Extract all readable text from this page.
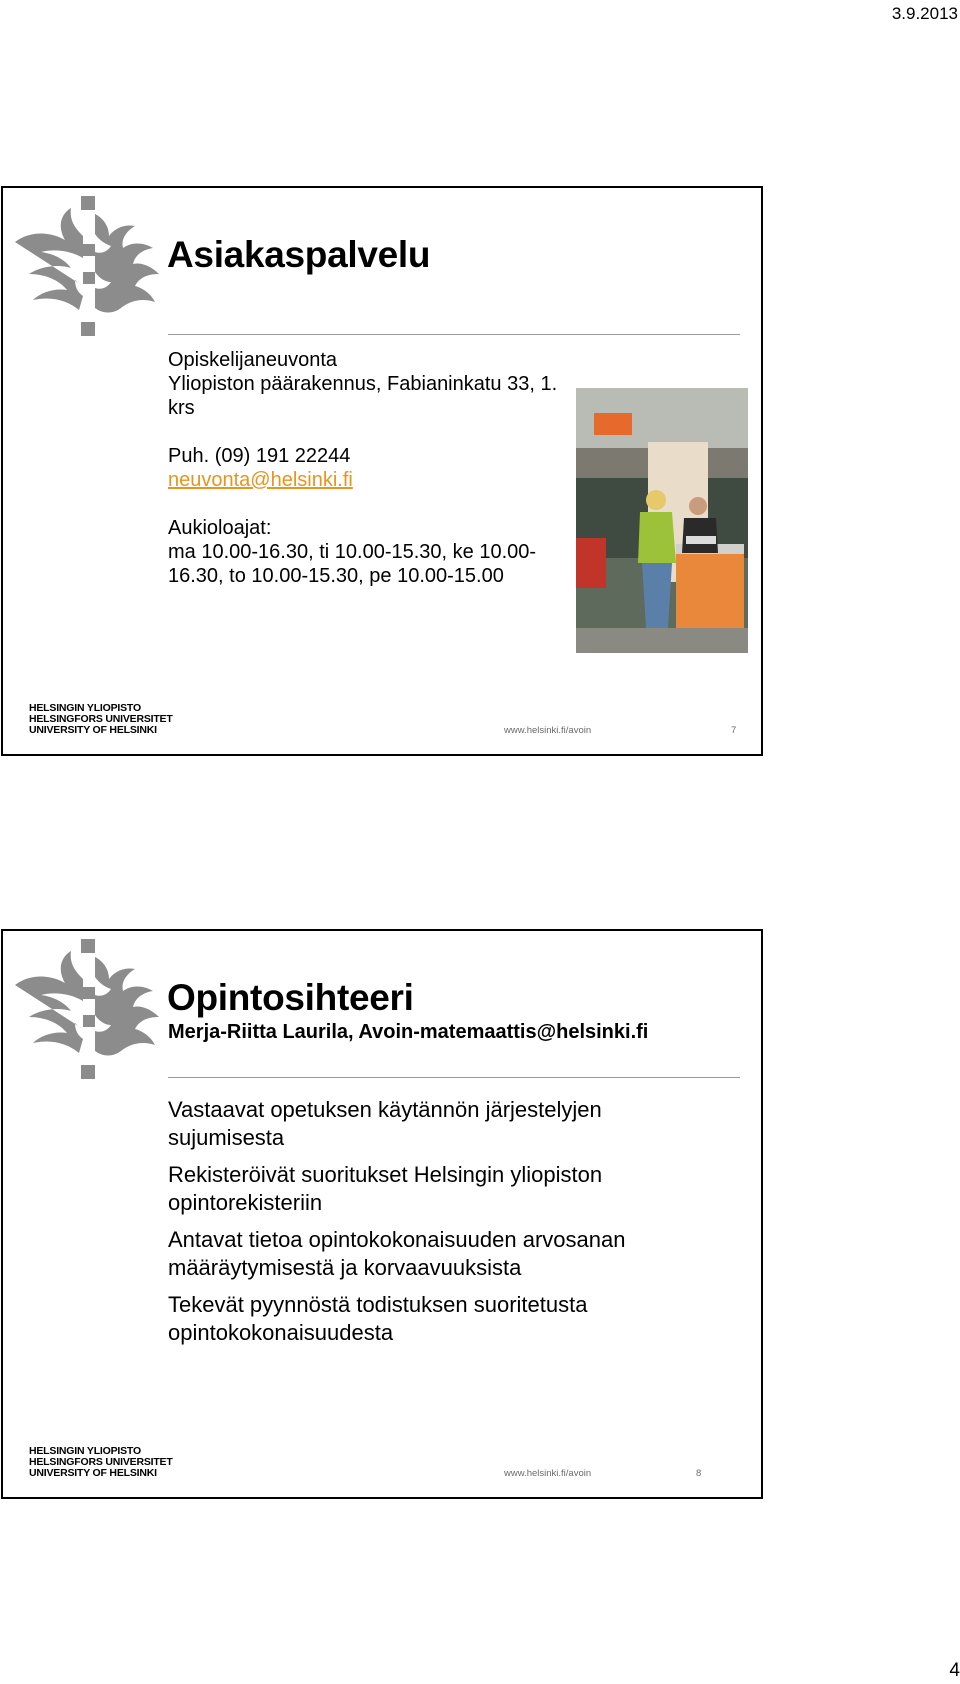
3.9.2013
Asiakaspalvelu

Opiskelijaneuvonta

Yliopiston päärakennus, Fabianinkatu 33, 1. krs

Puh. (09) 191 22244

neuvonta@helsinki.fi

Aukioloajat:

ma 10.00-16.30, ti 10.00-15.30, ke 10.00-16.30, to 10.00-15.30, pe 10.00-15.00

HELSINGIN YLIOPISTO
HELSINGFORS UNIVERSITET
UNIVERSITY OF HELSINKI	www.helsinki.fi/avoin	7
Opintosihteeri

Merja-Riitta Laurila, Avoin-matemaattis@helsinki.fi

Vastaavat opetuksen käytännön järjestelyjen sujumisesta
Rekisteröivät suoritukset Helsingin yliopiston opintorekisteriin
Antavat tietoa opintokokonaisuuden arvosanan määräytymisestä ja korvaavuuksista
Tekevät pyynnöstä todistuksen suoritetusta opintokokonaisuudesta
HELSINGIN YLIOPISTO
HELSINGFORS UNIVERSITET
UNIVERSITY OF HELSINKI	www.helsinki.fi/avoin	8
4
